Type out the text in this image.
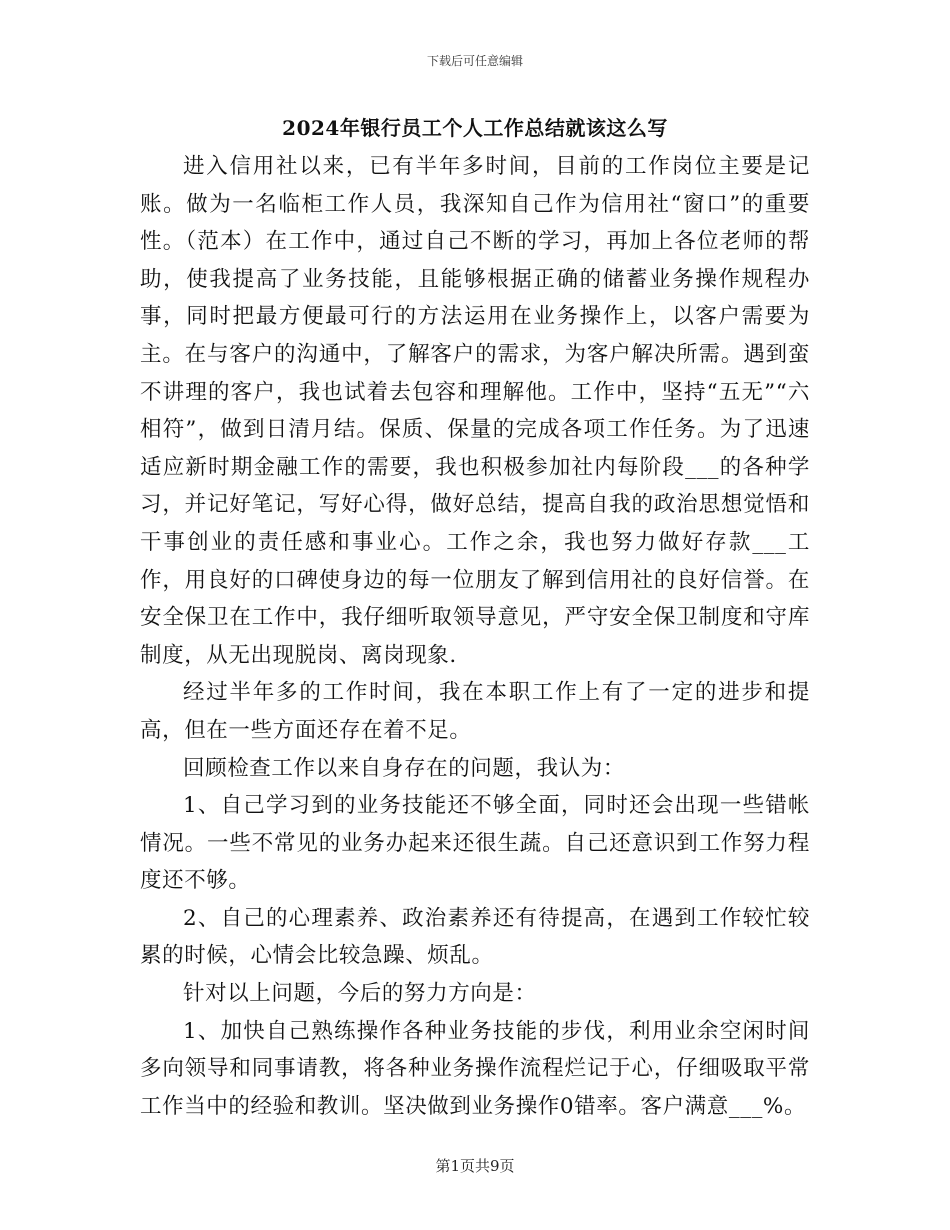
下载后可任意编辑
2024年银行员工个人工作总结就该这么写

进入信用社以来，已有半年多时间，目前的工作岗位主要是记账。做为一名临柜工作人员，我深知自己作为信用社“窗口”的重要性。（范本）在工作中，通过自己不断的学习，再加上各位老师的帮助，使我提高了业务技能，且能够根据正确的储蓄业务操作规程办事，同时把最方便最可行的方法运用在业务操作上，以客户需要为主。在与客户的沟通中，了解客户的需求，为客户解决所需。遇到蛮不讲理的客户，我也试着去包容和理解他。工作中，坚持“五无”“六相符”，做到日清月结。保质、保量的完成各项工作任务。为了迅速适应新时期金融工作的需要，我也积极参加社内每阶段___的各种学习，并记好笔记，写好心得，做好总结，提高自我的政治思想觉悟和干事创业的责任感和事业心。工作之余，我也努力做好存款___工作，用良好的口碑使身边的每一位朋友了解到信用社的良好信誉。在安全保卫在工作中，我仔细听取领导意见，严守安全保卫制度和守库制度，从无出现脱岗、离岗现象.

经过半年多的工作时间，我在本职工作上有了一定的进步和提高，但在一些方面还存在着不足。

回顾检查工作以来自身存在的问题，我认为：

1、自己学习到的业务技能还不够全面，同时还会出现一些错帐情况。一些不常见的业务办起来还很生蔬。自己还意识到工作努力程度还不够。

2、自己的心理素养、政治素养还有待提高，在遇到工作较忙较累的时候，心情会比较急躁、烦乱。

针对以上问题，今后的努力方向是：

1、加快自己熟练操作各种业务技能的步伐，利用业余空闲时间多向领导和同事请教，将各种业务操作流程烂记于心，仔细吸取平常工作当中的经验和教训。坚决做到业务操作0错率。客户满意___%。

第1页共9页
